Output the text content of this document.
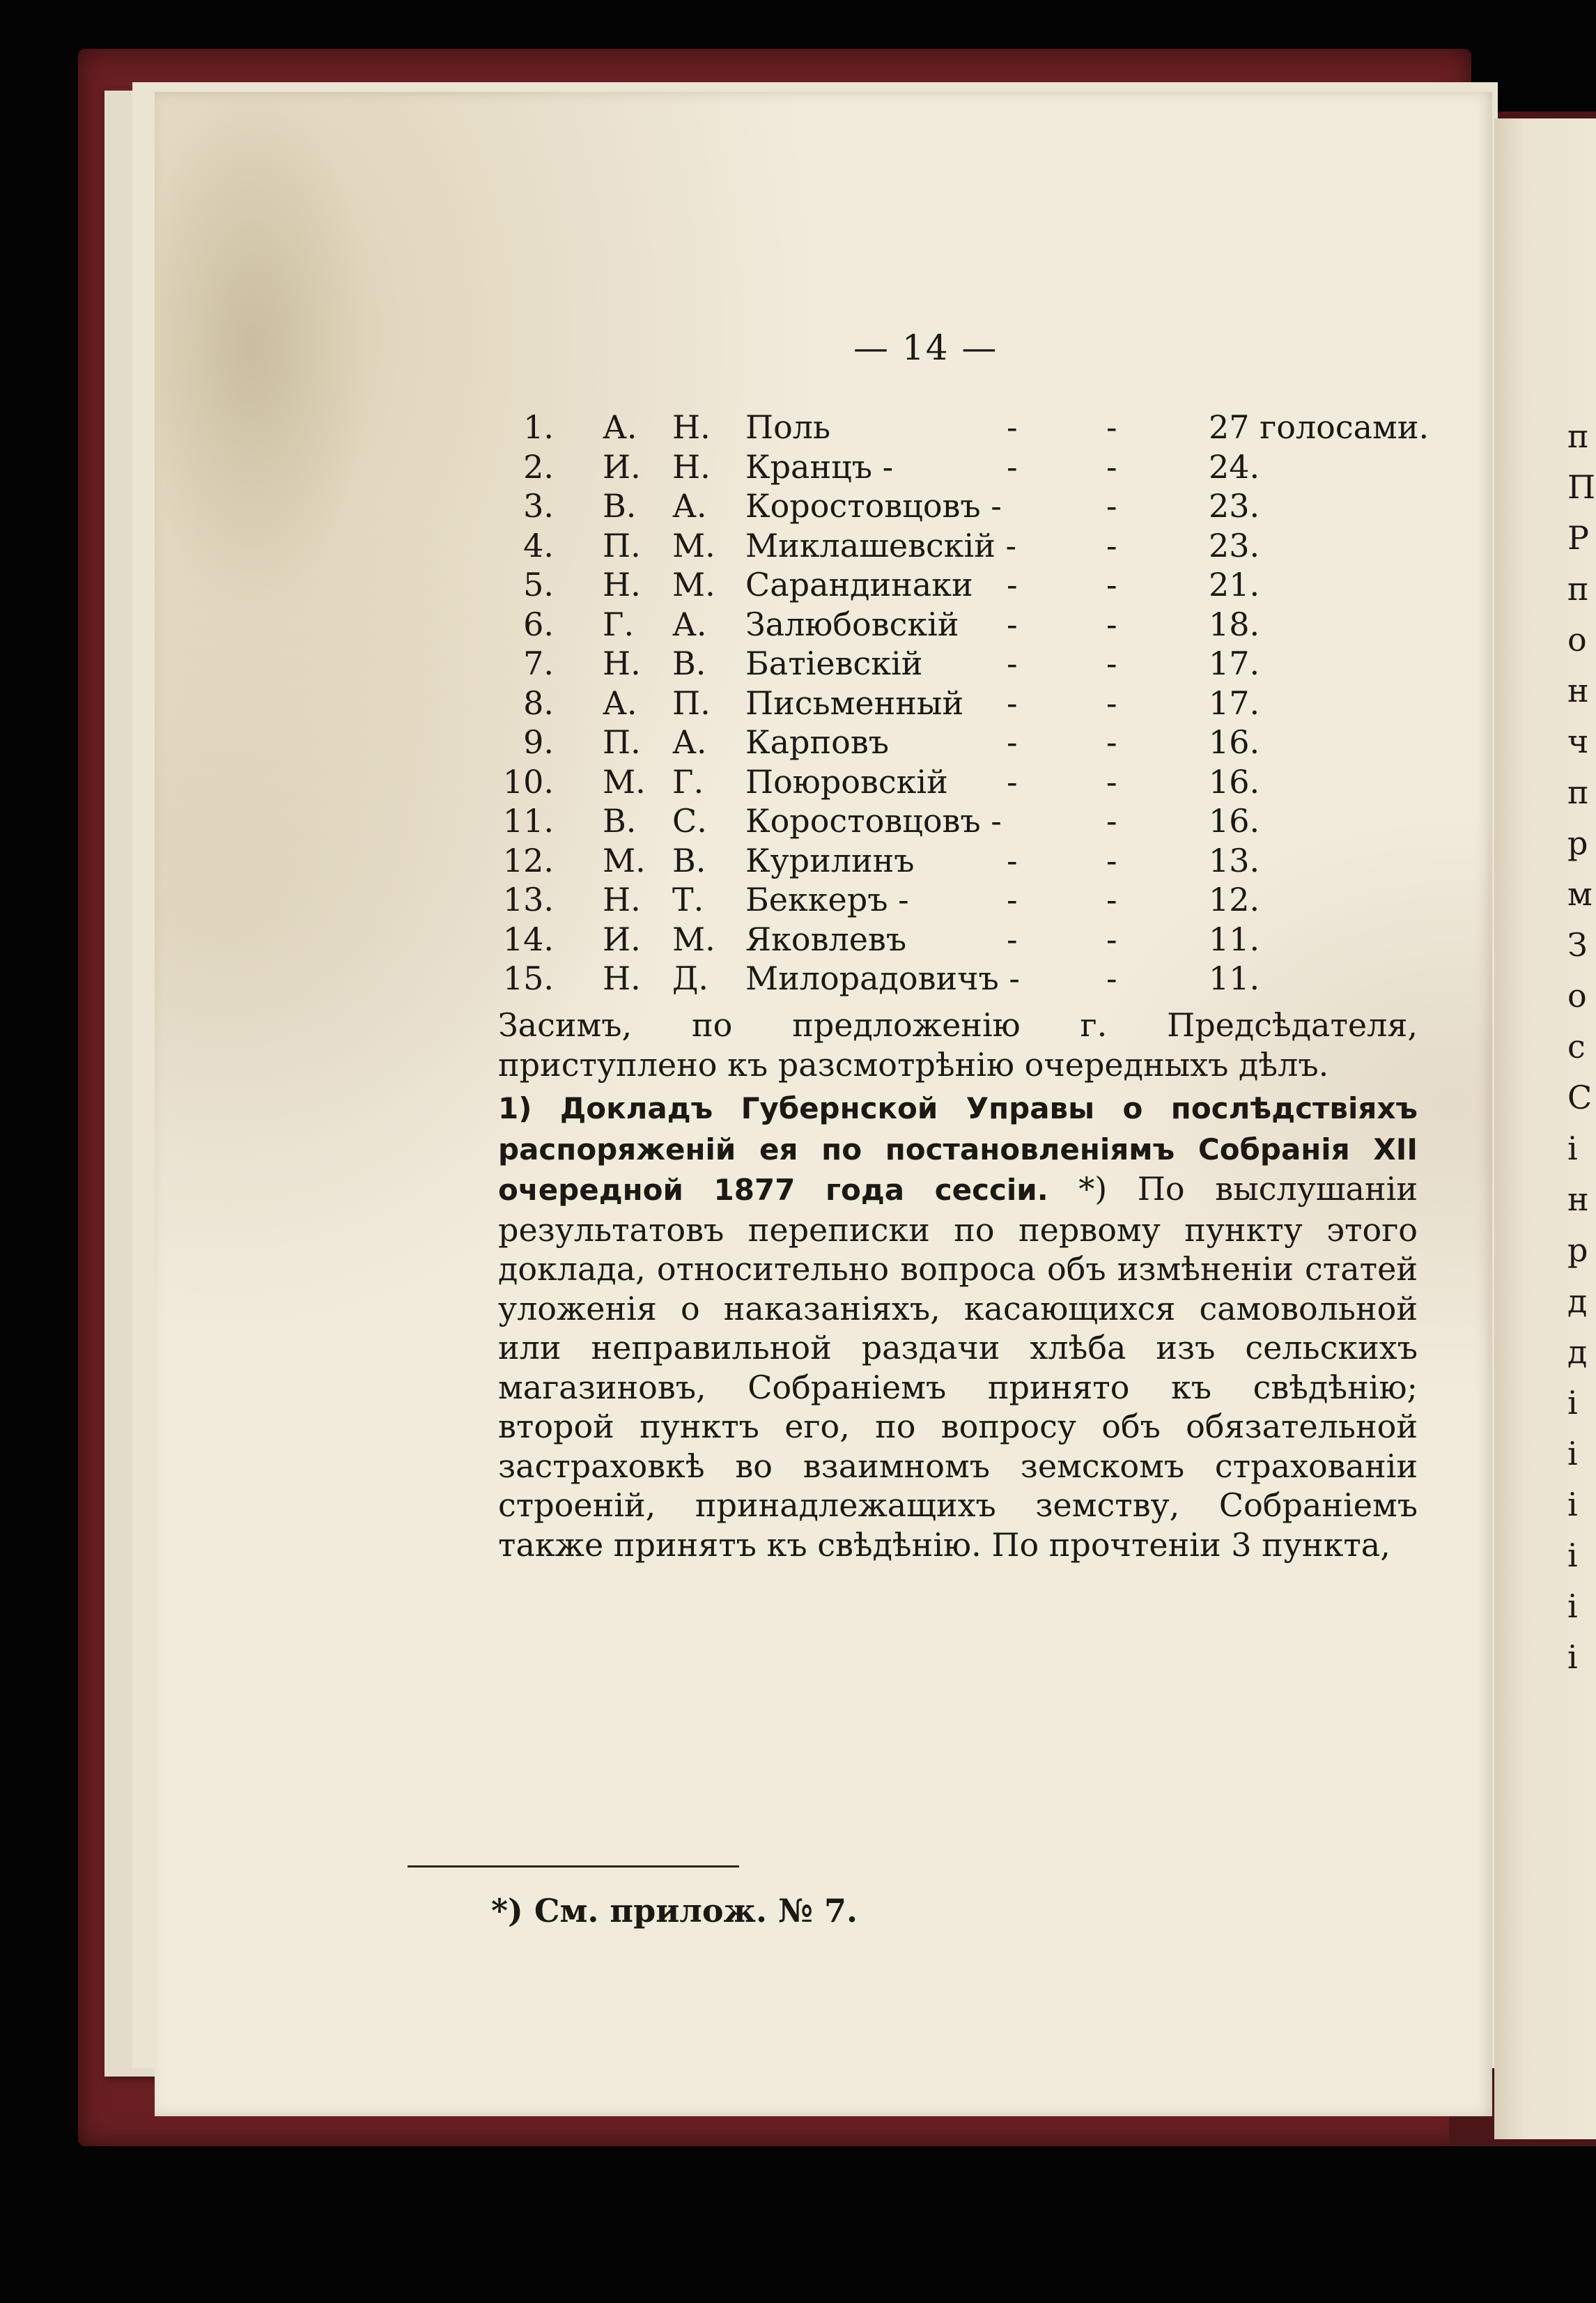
п
П
Р
п
о
н
ч
п
р
м
З
о
с
С
і
н
р
д
д
і
і
і
і
і
і
— 14 —
1. А. Н. Поль	-	-	27 голосами.
2. И. Н. Кранцъ -	-	-	24.
3. В. А. Коростовцовъ -	-	23.
4. П. М. Миклашевскій -	-	23.
5. Н. М. Сарандинаки -	-	21.
6. Г. А. Залюбовскій -	-	18.
7. Н. В. Батіевскій	-	-	17.
8. А. П. Письменный -	-	17.
9. П. А. Карповъ	-	-	16.
10. М. Г. Поюровскій -	-	16.
11. В. С. Коростовцовъ -	-	16.
12. М. В. Курилинъ	-	-	13.
13. Н. Т. Беккеръ -	-	-	12.
14. И. М. Яковлевъ	-	-	11.
15. Н. Д. Милорадовичъ -	-	11.
Засимъ, по предложенію г. Предсѣдателя, приступлено къ разсмотрѣнію очередныхъ дѣлъ.
1) Докладъ Губернской Управы о послѣдствіяхъ распоряженій ея по постановленіямъ Собранія XII очередной 1877 года сессіи. *) По выслушаніи результатовъ переписки по первому пункту этого доклада, относительно вопроса объ измѣненіи статей уложенія о наказаніяхъ, касающихся самовольной или неправильной раздачи хлѣба изъ сельскихъ магазиновъ, Собраніемъ принято къ свѣдѣнію; второй пунктъ его, по вопросу объ обязательной застраховкѣ во взаимномъ земскомъ страхованіи строеній, принадлежащихъ земству, Собраніемъ также принятъ къ свѣдѣнію. По прочтеніи 3 пункта,
*) См. прилож. № 7.
